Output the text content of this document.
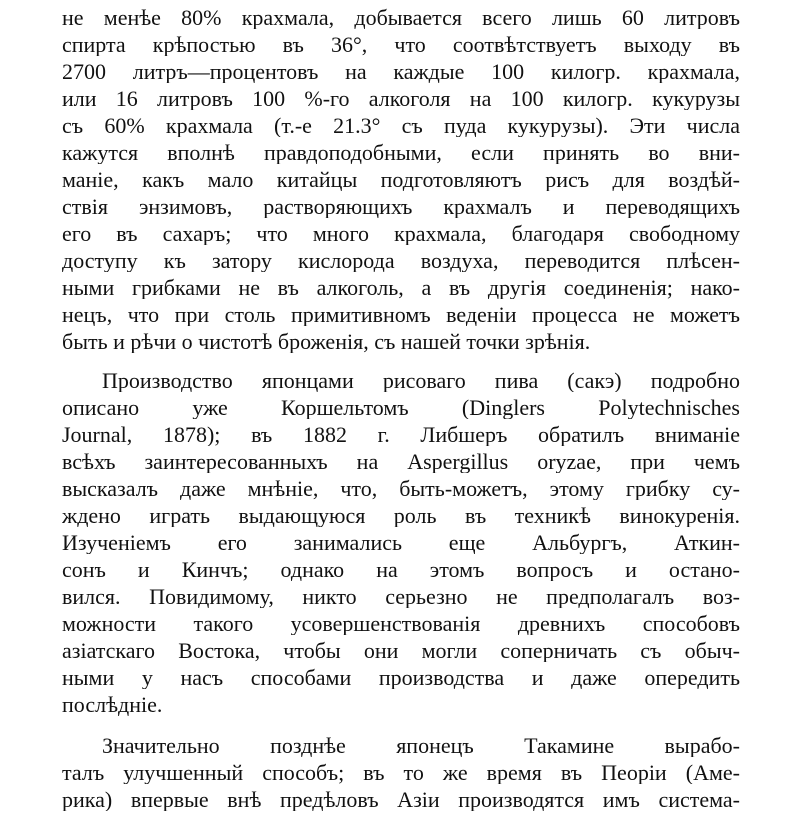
не менѣе 80% крахмала, добывается всего лишь 60 литровъ
спирта крѣпостью въ 36°, что соотвѣтствуетъ выходу въ
2700 литръ—процентовъ на каждые 100 килогр. крахмала,
или 16 литровъ 100 %-го алкоголя на 100 килогр. кукурузы
съ 60% крахмала (т.-е 21.3° съ пуда кукурузы). Эти числа
кажутся вполнѣ правдоподобными, если принять во вни-
маніе, какъ мало китайцы подготовляютъ рисъ для воздѣй-
ствія энзимовъ, растворяющихъ крахмалъ и переводящихъ
его въ сахаръ; что много крахмала, благодаря свободному
доступу къ затору кислорода воздуха, переводится плѣсен-
ными грибками не въ алкоголь, а въ другія соединенія; нако-
нецъ, что при столь примитивномъ веденіи процесса не можетъ
быть и рѣчи о чистотѣ броженія, съ нашей точки зрѣнія.
Производство японцами рисоваго пива (сакэ) подробно
описано уже Коршельтомъ (Dinglers Polytechnisches
Journal, 1878); въ 1882 г. Либшеръ обратилъ вниманіе
всѣхъ заинтересованныхъ на Aspergillus oryzae, при чемъ
высказалъ даже мнѣніе, что, быть-можетъ, этому грибку су-
ждено играть выдающуюся роль въ техникѣ винокуренія.
Изученіемъ его занимались еще Альбургъ, Аткин-
сонъ и Кинчъ; однако на этомъ вопросъ и остано-
вился. Повидимому, никто серьезно не предполагалъ воз-
можности такого усовершенствованія древнихъ способовъ
азіатскаго Востока, чтобы они могли соперничать съ обыч-
ными у насъ способами производства и даже опередить
послѣдніе.
Значительно позднѣе японецъ Такамине вырабо-
талъ улучшенный способъ; въ то же время въ Пеоріи (Аме-
рика) впервые внѣ предѣловъ Азіи производятся имъ система-
